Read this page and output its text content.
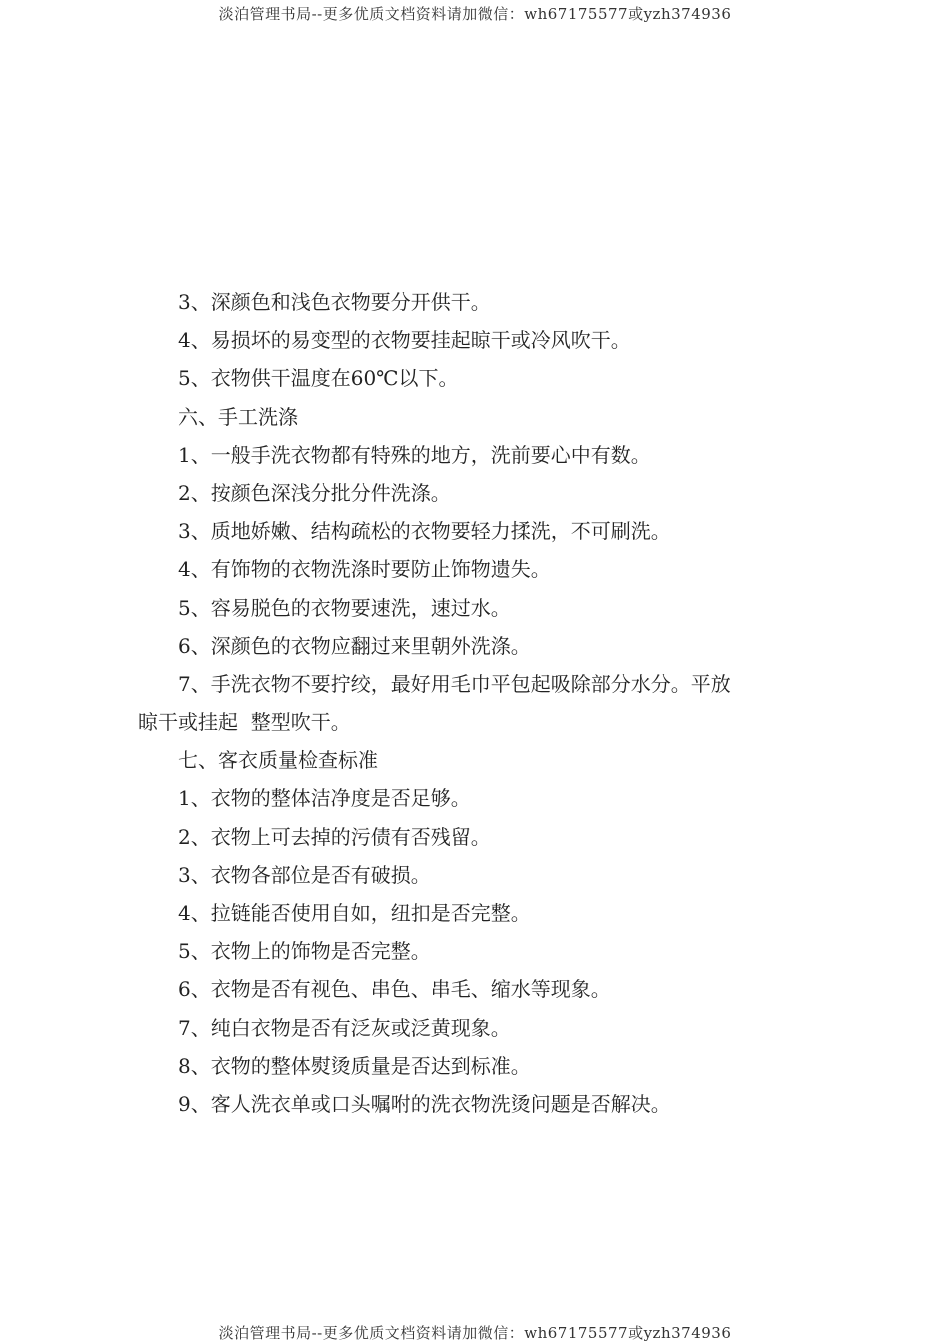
淡泊管理书局--更多优质文档资料请加微信：wh67175577或yzh374936
3、深颜色和浅色衣物要分开供干。
4、易损坏的易变型的衣物要挂起晾干或冷风吹干。
5、衣物供干温度在60℃以下。
六、手工洗涤
1、一般手洗衣物都有特殊的地方，洗前要心中有数。
2、按颜色深浅分批分件洗涤。
3、质地娇嫩、结构疏松的衣物要轻力揉洗，不可刷洗。
4、有饰物的衣物洗涤时要防止饰物遗失。
5、容易脱色的衣物要速洗，速过水。
6、深颜色的衣物应翻过来里朝外洗涤。
7、手洗衣物不要拧绞，最好用毛巾平包起吸除部分水分。平放
晾干或挂起  整型吹干。
七、客衣质量检查标准
1、衣物的整体洁净度是否足够。
2、衣物上可去掉的污债有否残留。
3、衣物各部位是否有破损。
4、拉链能否使用自如，纽扣是否完整。
5、衣物上的饰物是否完整。
6、衣物是否有视色、串色、串毛、缩水等现象。
7、纯白衣物是否有泛灰或泛黄现象。
8、衣物的整体熨烫质量是否达到标准。
9、客人洗衣单或口头嘱咐的洗衣物洗烫问题是否解决。
淡泊管理书局--更多优质文档资料请加微信：wh67175577或yzh374936
